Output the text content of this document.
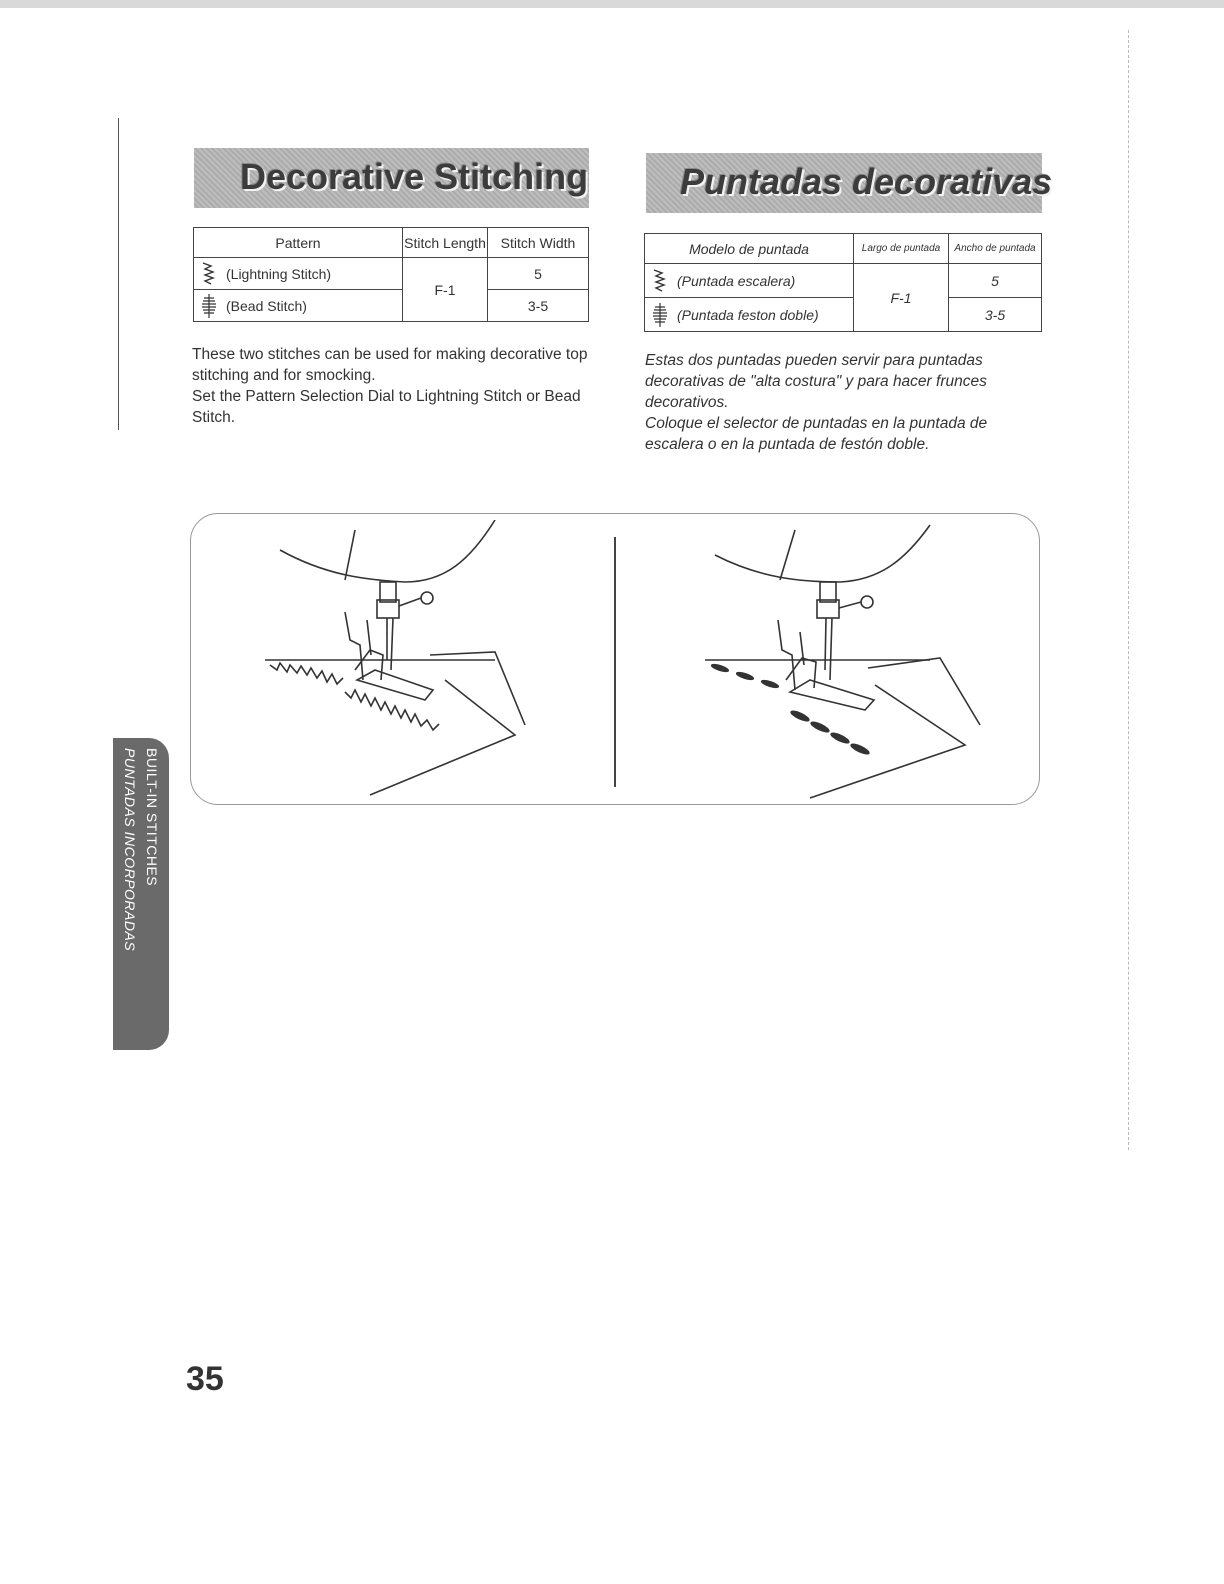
Decorative Stitching	Puntadas decorativas
Pattern	Stitch Length	Stitch Width

(Lightning Stitch)	F-1	5

(Bead Stitch)		3-5
Modelo de puntada	Largo de puntada	Ancho de puntada

(Puntada escalera)	F-1	5

(Puntada feston doble)		3-5
These two stitches can be used for making decorative top stitching and for smocking.
Set the Pattern Selection Dial to Lightning Stitch or Bead Stitch.
Estas dos puntadas pueden servir para puntadas decorativas de "alta costura" y para hacer frunces decorativos.
Coloque el selector de puntadas en la puntada de escalera o en la puntada de festón doble.
BUILT-IN STITCHES
PUNTADAS INCORPORADAS
35
